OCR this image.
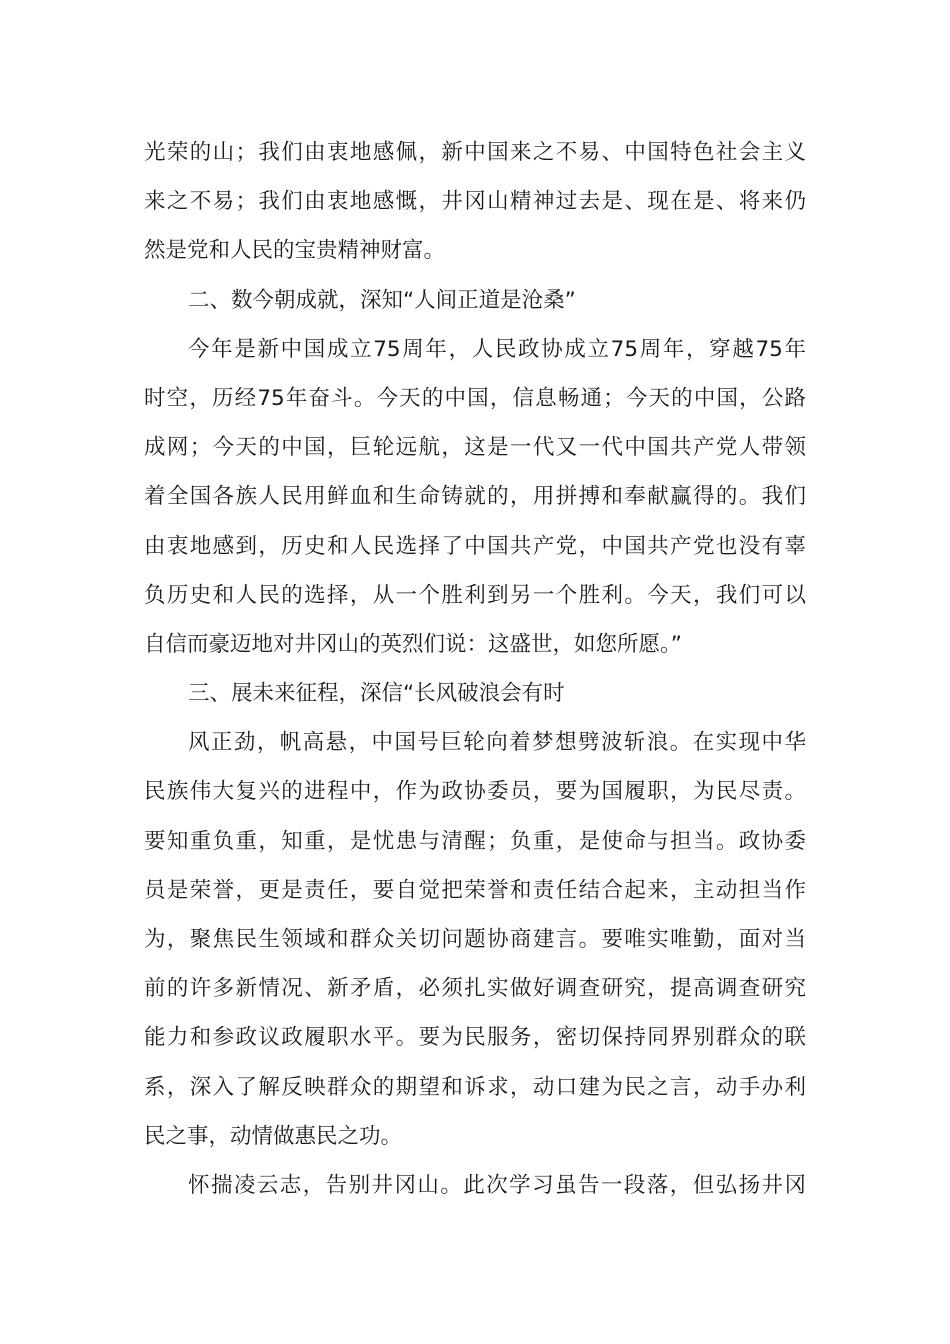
光荣的山；我们由衷地感佩，新中国来之不易、中国特色社会主义
来之不易；我们由衷地感慨，井冈山精神过去是、现在是、将来仍
然是党和人民的宝贵精神财富。
二、数今朝成就，深知“人间正道是沧桑”
今年是新中国成立75周年，人民政协成立75周年，穿越75年
时空，历经75年奋斗。今天的中国，信息畅通；今天的中国，公路
成网；今天的中国，巨轮远航，这是一代又一代中国共产党人带领
着全国各族人民用鲜血和生命铸就的，用拼搏和奉献赢得的。我们
由衷地感到，历史和人民选择了中国共产党，中国共产党也没有辜
负历史和人民的选择，从一个胜利到另一个胜利。今天，我们可以
自信而豪迈地对井冈山的英烈们说：这盛世，如您所愿。”
三、展未来征程，深信“长风破浪会有时
风正劲，帆高悬，中国号巨轮向着梦想劈波斩浪。在实现中华
民族伟大复兴的进程中，作为政协委员，要为国履职，为民尽责。
要知重负重，知重，是忧患与清醒；负重，是使命与担当。政协委
员是荣誉，更是责任，要自觉把荣誉和责任结合起来，主动担当作
为，聚焦民生领域和群众关切问题协商建言。要唯实唯勤，面对当
前的许多新情况、新矛盾，必须扎实做好调查研究，提高调查研究
能力和参政议政履职水平。要为民服务，密切保持同界别群众的联
系，深入了解反映群众的期望和诉求，动口建为民之言，动手办利
民之事，动情做惠民之功。
怀揣凌云志，告别井冈山。此次学习虽告一段落，但弘扬井冈
